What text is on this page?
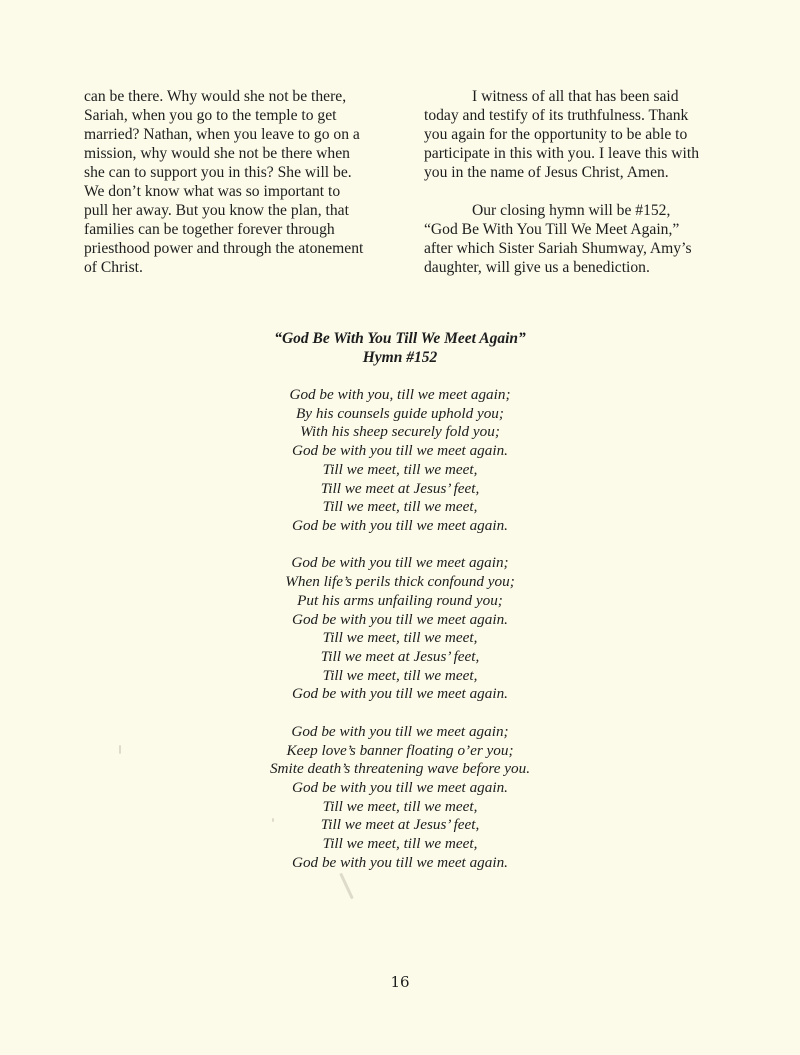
can be there. Why would she not be there,
Sariah, when you go to the temple to get
married? Nathan, when you leave to go on a
mission, why would she not be there when
she can to support you in this? She will be.
We don’t know what was so important to
pull her away. But you know the plan, that
families can be together forever through
priesthood power and through the atonement
of Christ.

I witness of all that has been said
today and testify of its truthfulness. Thank
you again for the opportunity to be able to
participate in this with you. I leave this with
you in the name of Jesus Christ, Amen.

Our closing hymn will be #152,
“God Be With You Till We Meet Again,”
after which Sister Sariah Shumway, Amy’s
daughter, will give us a benediction.

“God Be With You Till We Meet Again”
Hymn #152
God be with you, till we meet again;
By his counsels guide uphold you;
With his sheep securely fold you;
God be with you till we meet again.
Till we meet, till we meet,
Till we meet at Jesus’ feet,
Till we meet, till we meet,
God be with you till we meet again.
God be with you till we meet again;
When life’s perils thick confound you;
Put his arms unfailing round you;
God be with you till we meet again.
Till we meet, till we meet,
Till we meet at Jesus’ feet,
Till we meet, till we meet,
God be with you till we meet again.
God be with you till we meet again;
Keep love’s banner floating o’er you;
Smite death’s threatening wave before you.
God be with you till we meet again.
Till we meet, till we meet,
Till we meet at Jesus’ feet,
Till we meet, till we meet,
God be with you till we meet again.
16
